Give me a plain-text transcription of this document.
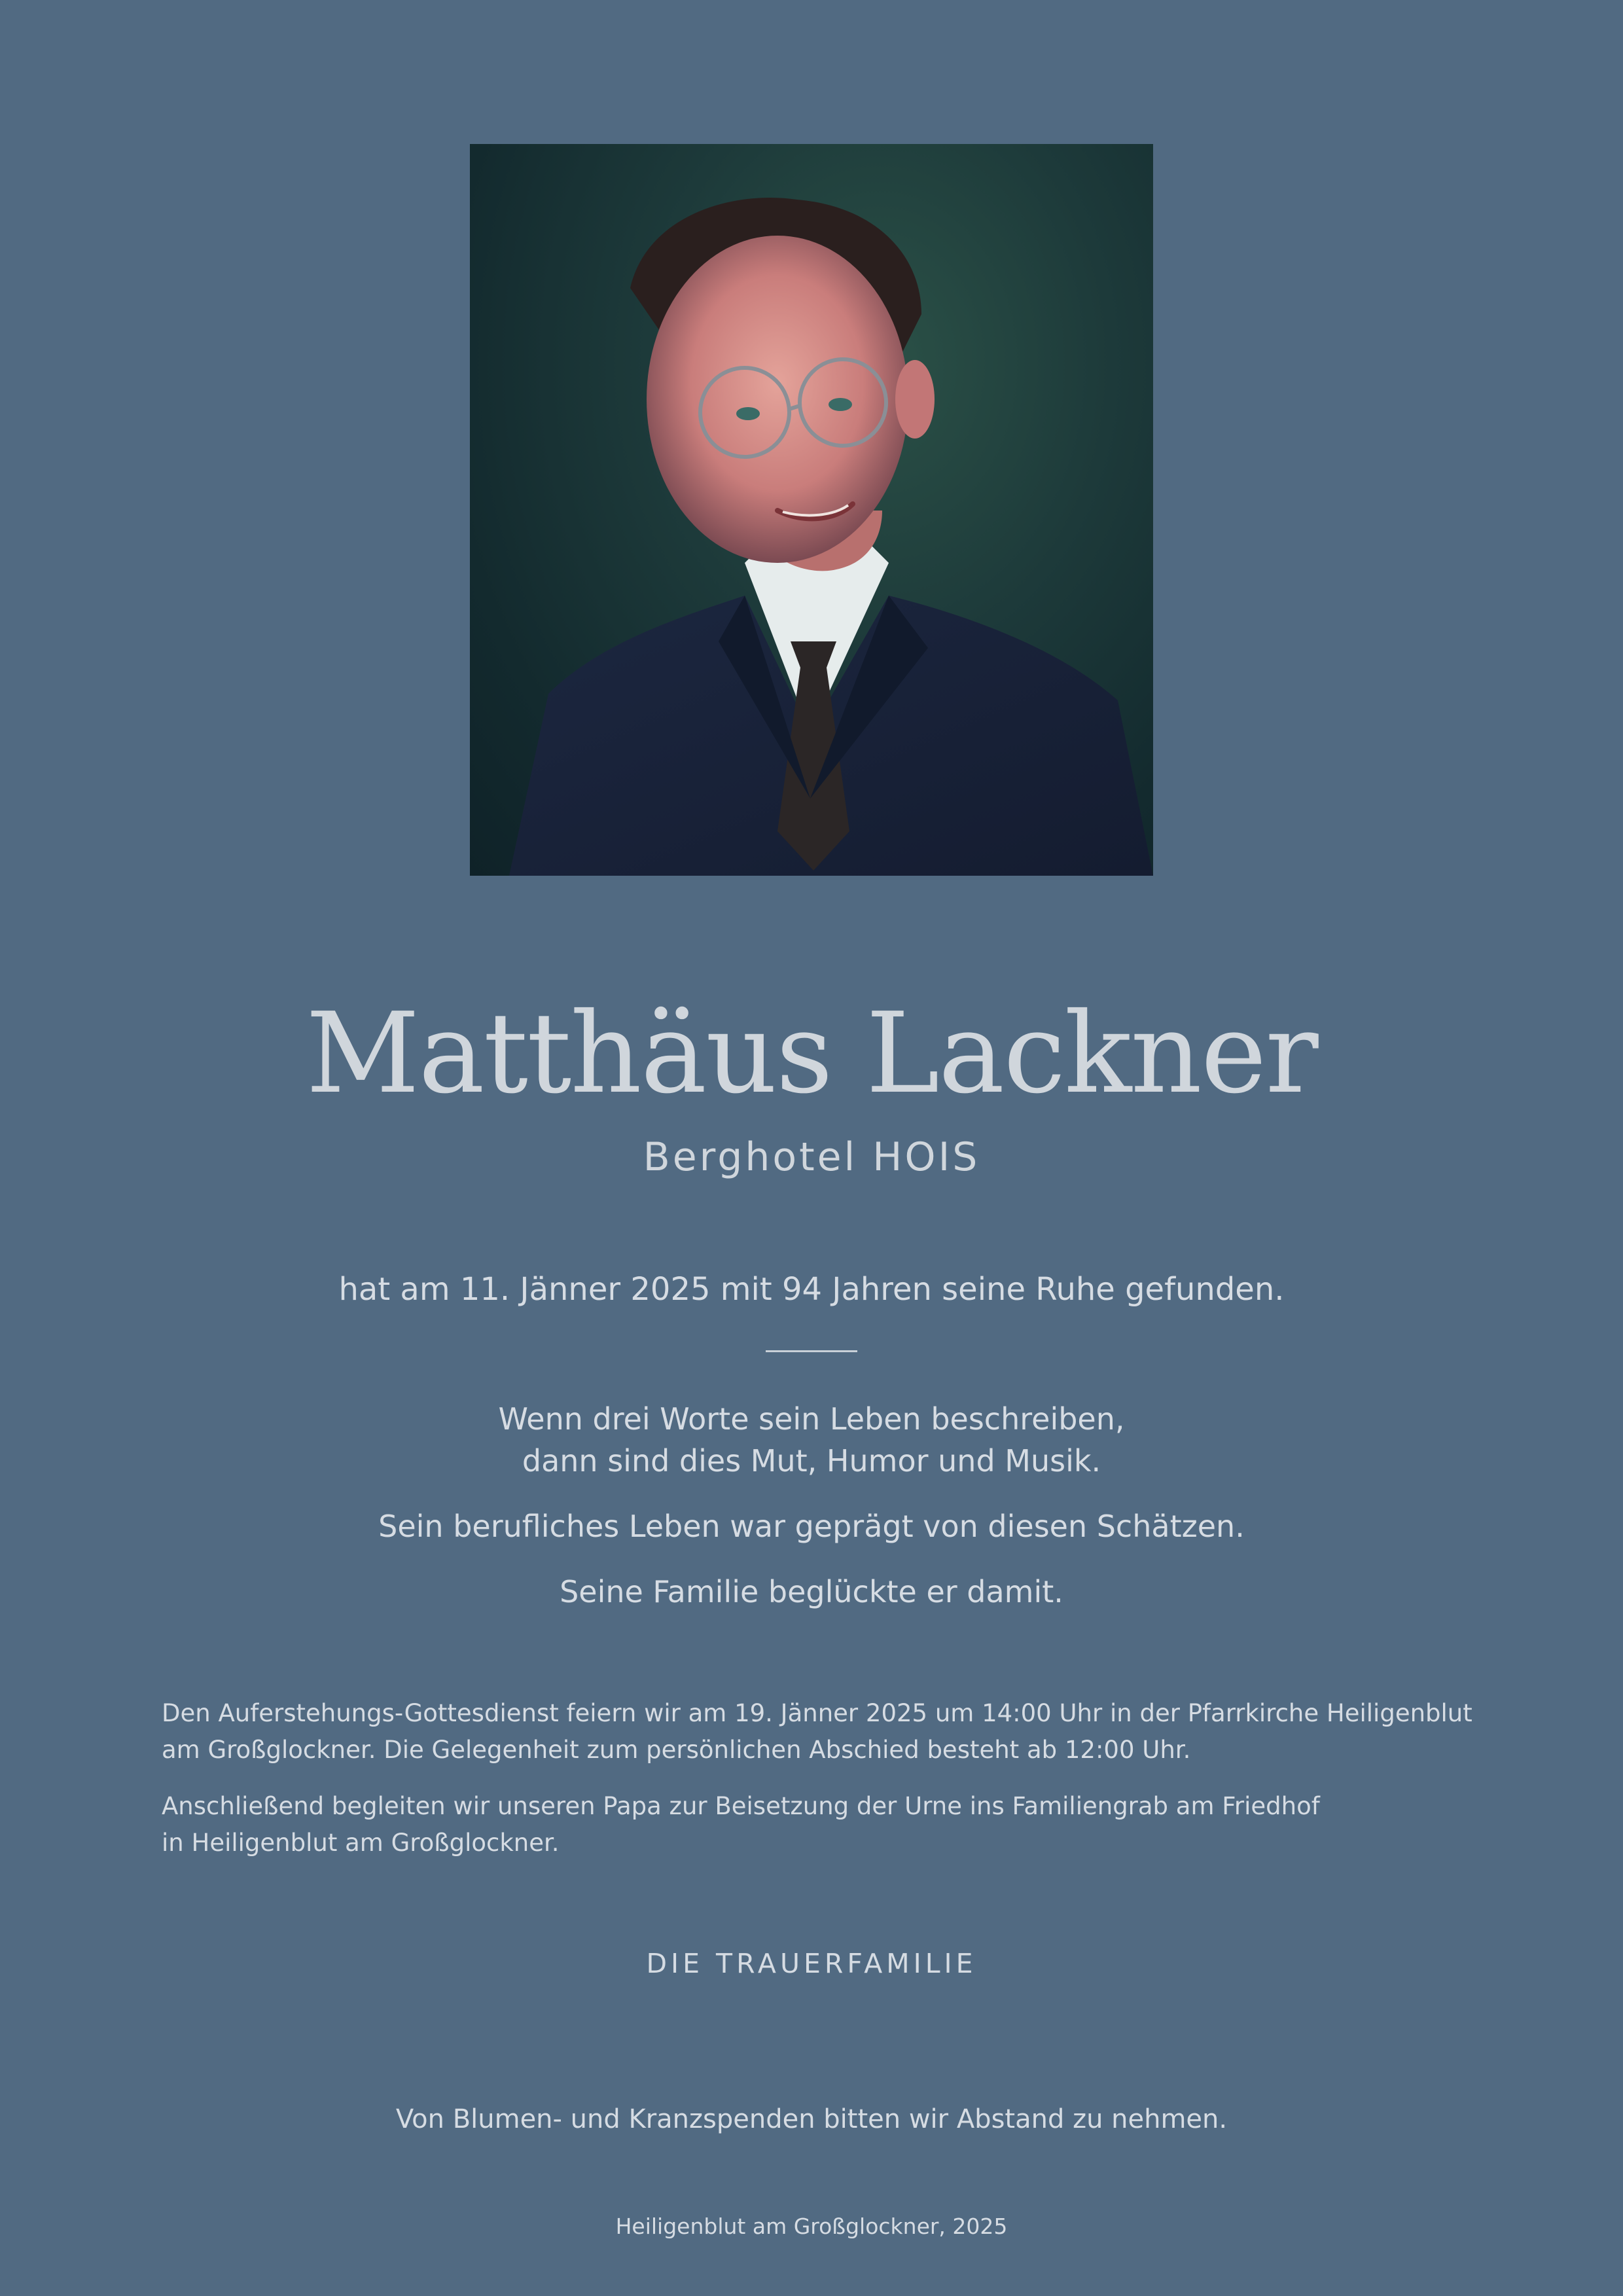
Matthäus Lackner
Berghotel HOIS
hat am 11. Jänner 2025 mit 94 Jahren seine Ruhe gefunden.
Wenn drei Worte sein Leben beschreiben,
dann sind dies Mut, Humor und Musik.
Sein berufliches Leben war geprägt von diesen Schätzen.
Seine Familie beglückte er damit.
Den Auferstehungs-Gottesdienst feiern wir am 19. Jänner 2025 um 14:00 Uhr in der Pfarrkirche Heiligenblut
am Großglockner. Die Gelegenheit zum persönlichen Abschied besteht ab 12:00 Uhr.
Anschließend begleiten wir unseren Papa zur Beisetzung der Urne ins Familiengrab am Friedhof
in Heiligenblut am Großglockner.
DIE TRAUERFAMILIE
Von Blumen- und Kranzspenden bitten wir Abstand zu nehmen.
Heiligenblut am Großglockner, 2025
